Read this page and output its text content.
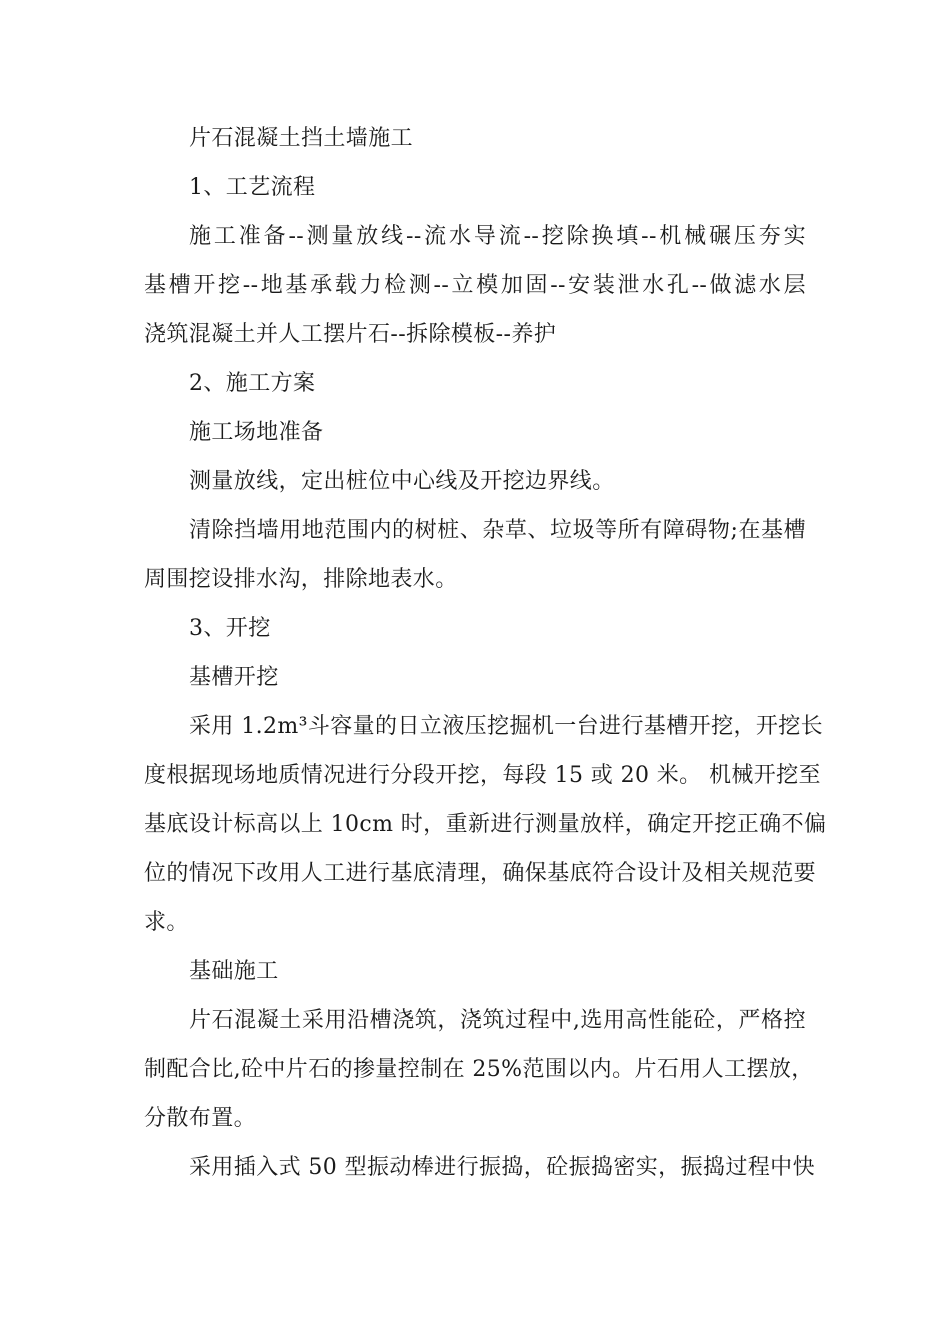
片石混凝土挡土墙施工

1、工艺流程

施工准备--测量放线--流水导流--挖除换填--机械碾压夯实
基槽开挖--地基承载力检测--立模加固--安装泄水孔--做滤水层
浇筑混凝土并人工摆片石--拆除模板--养护

2、施工方案

施工场地准备

测量放线，定出桩位中心线及开挖边界线。

清除挡墙用地范围内的树桩、杂草、垃圾等所有障碍物;在基槽
周围挖设排水沟，排除地表水。

3、开挖

基槽开挖

采用 1.2m³斗容量的日立液压挖掘机一台进行基槽开挖，开挖长
度根据现场地质情况进行分段开挖，每段 15 或 20 米。 机械开挖至
基底设计标高以上 10cm 时，重新进行测量放样，确定开挖正确不偏
位的情况下改用人工进行基底清理，确保基底符合设计及相关规范要
求。

基础施工

片石混凝土采用沿槽浇筑，浇筑过程中,选用高性能砼，严格控
制配合比,砼中片石的掺量控制在 25%范围以内。片石用人工摆放，
分散布置。

采用插入式 50 型振动棒进行振捣，砼振捣密实，振捣过程中快
